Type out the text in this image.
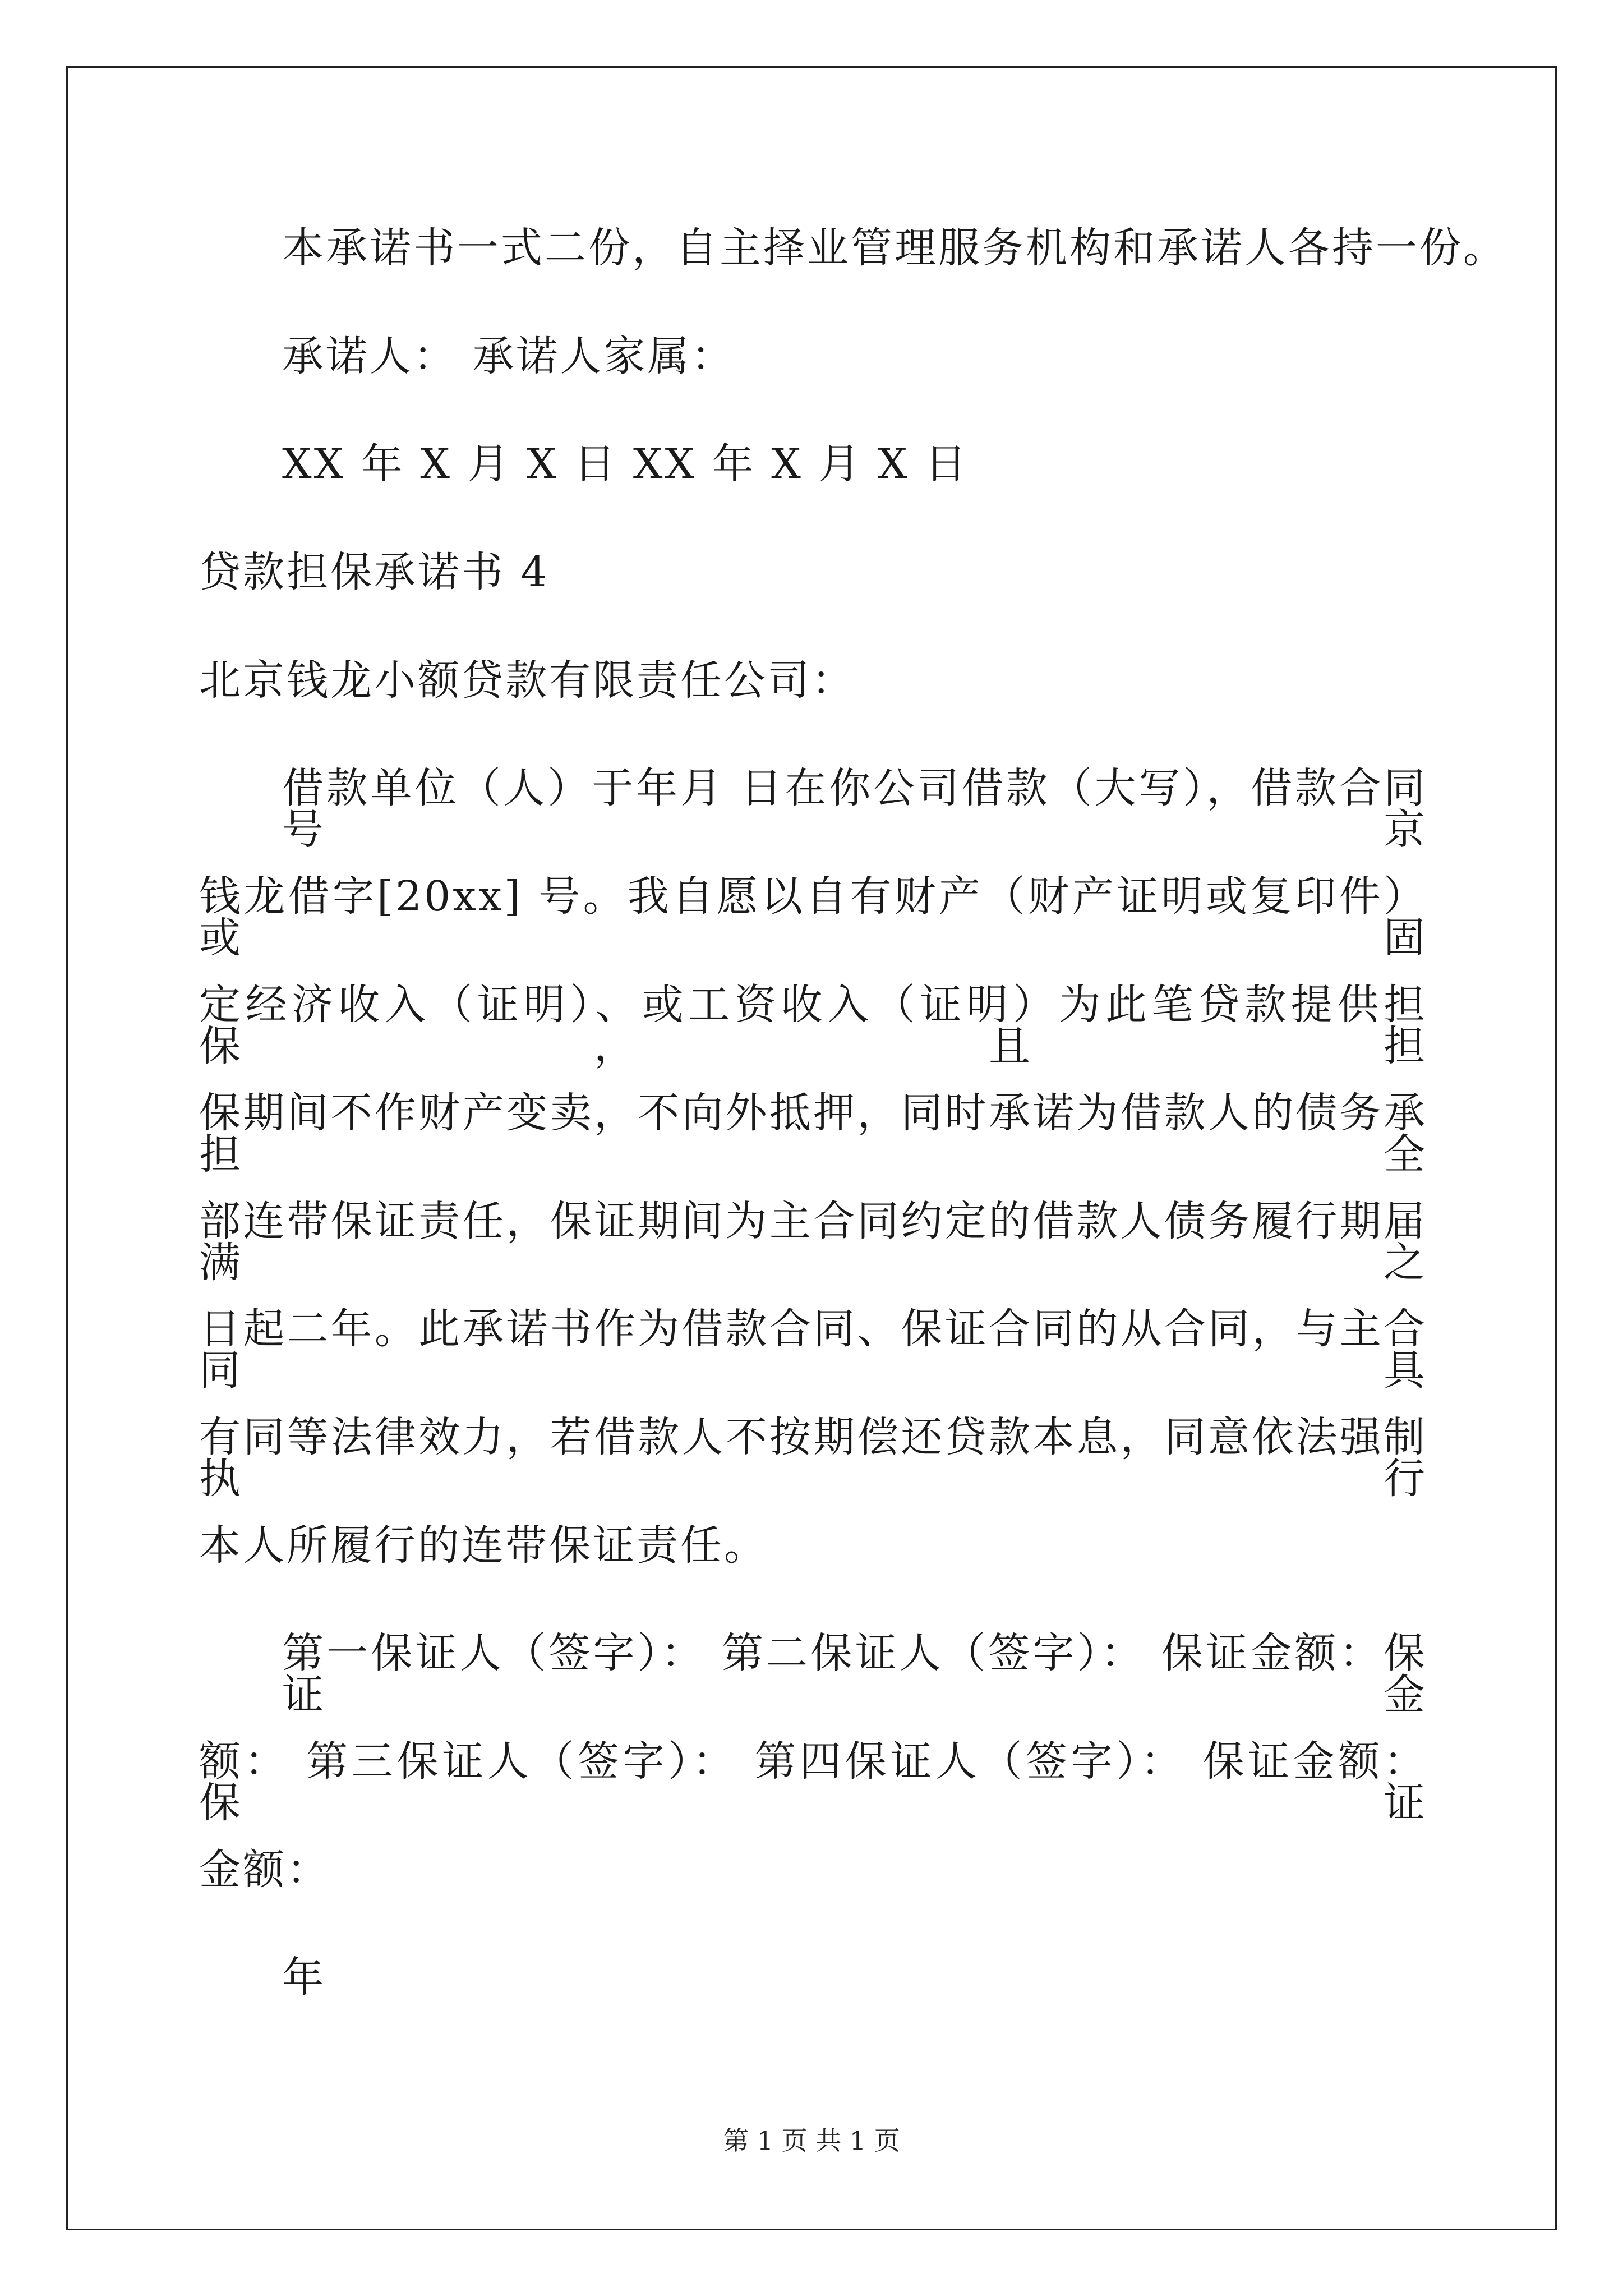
本承诺书一式二份，自主择业管理服务机构和承诺人各持一份。
承诺人： 承诺人家属：
XX 年 X 月 X 日 XX 年 X 月 X 日
贷款担保承诺书 4
北京钱龙小额贷款有限责任公司：
借款单位（人）于年月 日在你公司借款（大写），借款合同号京
钱龙借字[20xx] 号。我自愿以自有财产（财产证明或复印件）或固
定经济收入（证明）、或工资收入（证明）为此笔贷款提供担保，且担
保期间不作财产变卖，不向外抵押，同时承诺为借款人的债务承担全
部连带保证责任，保证期间为主合同约定的借款人债务履行期届满之
日起二年。此承诺书作为借款合同、保证合同的从合同，与主合同具
有同等法律效力，若借款人不按期偿还贷款本息，同意依法强制执行
本人所履行的连带保证责任。
第一保证人（签字）： 第二保证人（签字）： 保证金额：保证金
额： 第三保证人（签字）： 第四保证人（签字）： 保证金额：保证
金额：
年
第 1 页 共 1 页
